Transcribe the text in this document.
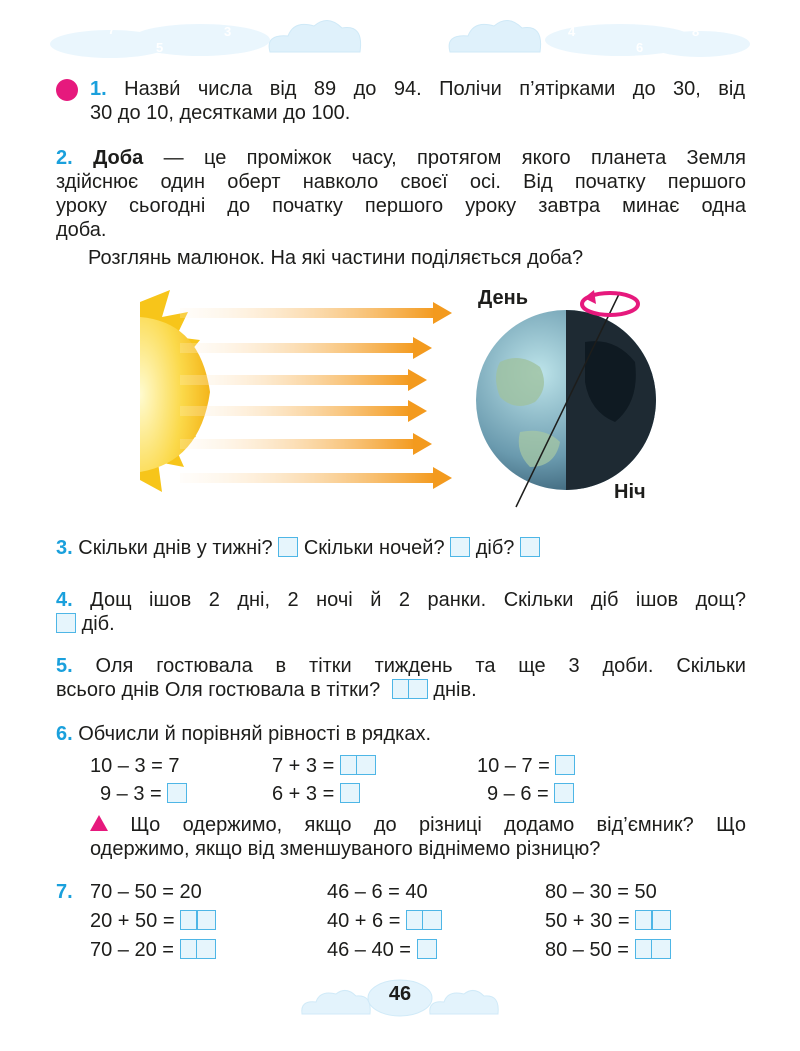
7
5
3
1
0
2
4
6
8
1. Назви́ числа від 89 до 94. Полічи п’ятірками до 30, від
30 до 10, десятками до 100.
2. Доба — це проміжок часу, протягом якого планета Земля
здійснює один оберт навколо своєї осі. Від початку першого
уроку сьогодні до початку першого уроку завтра минає одна
доба.
Розглянь малюнок. На які частини поділяється доба?
День
Ніч
3. Скільки днів у тижні? Скільки ночей? діб?
4. Дощ ішов 2 дні, 2 ночі й 2 ранки. Скільки діб ішов дощ?
діб.
5. Оля гостювала в тітки тиждень та ще 3 доби. Скільки
всього днів Оля гостювала в тітки?	днів.
6. Обчисли й порівняй рівності в рядках.
10 – 3 = 7	7 + 3 =	10 – 7 =
9 – 3 =	6 + 3 =	9 – 6 =
Що одержимо, якщо до різниці додамо від’ємник? Що
одержимо, якщо від зменшуваного віднімемо різницю?
7. 70 – 50 = 20	46 – 6 = 40	80 – 30 = 50
20 + 50 =	40 + 6 =	50 + 30 =
70 – 20 =	46 – 40 =	80 – 50 =
46
